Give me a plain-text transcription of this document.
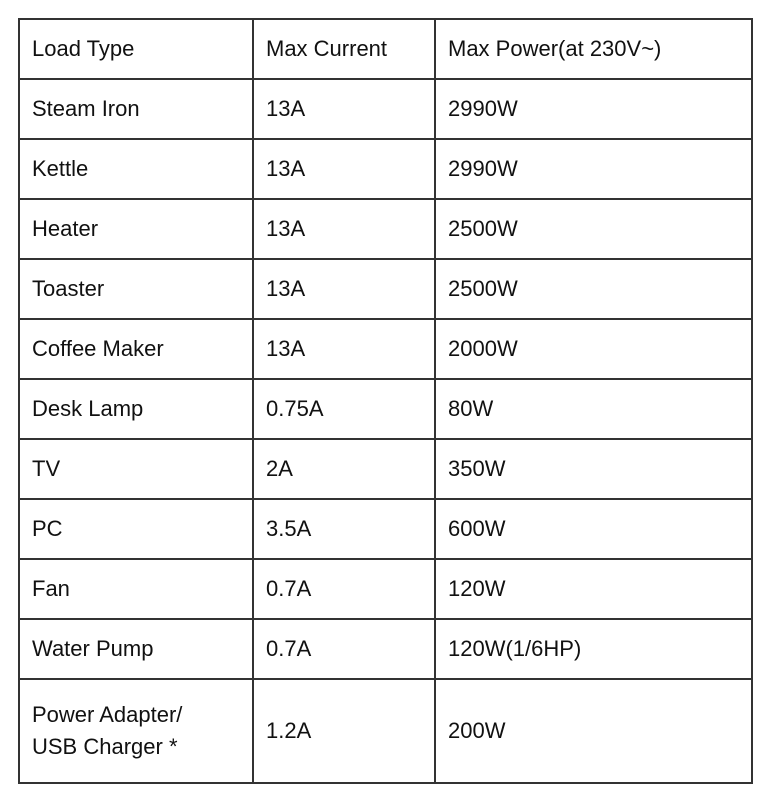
Load Type	Max Current	Max Power(at 230V~)
Steam Iron	13A	2990W
Kettle	13A	2990W
Heater	13A	2500W
Toaster	13A	2500W
Coffee Maker	13A	2000W
Desk Lamp	0.75A	80W
TV	2A	350W
PC	3.5A	600W
Fan	0.7A	120W
Water Pump	0.7A	120W(1/6HP)

Power Adapter/
USB Charger *	1.2A	200W
